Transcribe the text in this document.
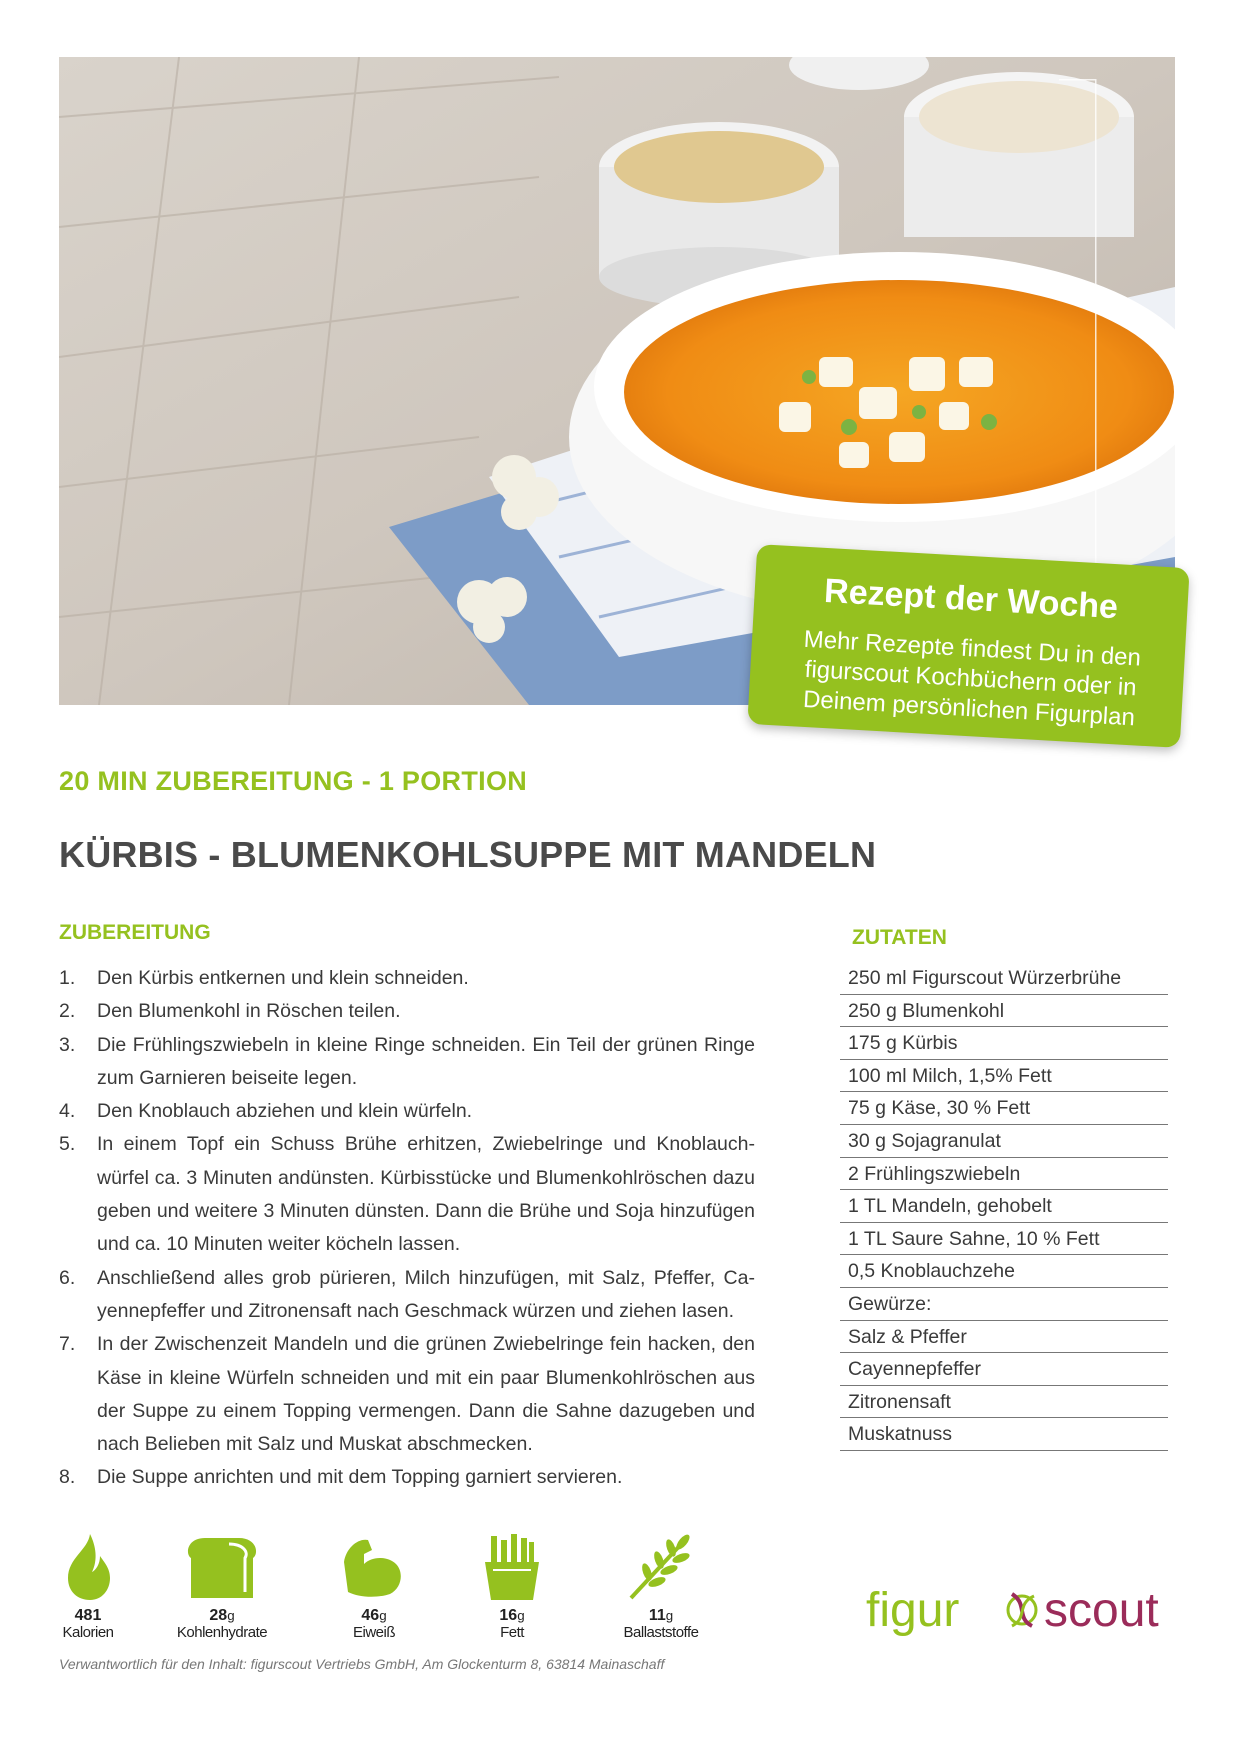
Rezept der Woche
Mehr Rezepte findest Du in den figurscout Kochbüchern oder in Deinem persönlichen Figurplan
20 MIN ZUBEREITUNG - 1 PORTION
KÜRBIS - BLUMENKOHLSUPPE MIT MANDELN
ZUBEREITUNG
1. Den Kürbis entkernen und klein schneiden.
2. Den Blumenkohl in Röschen teilen.
3. Die Frühlingszwiebeln in kleine Ringe schneiden. Ein Teil der grünen Ringe zum Garnieren beiseite legen.
4. Den Knoblauch abziehen und klein würfeln.
5. In einem Topf ein Schuss Brühe erhitzen, Zwiebelringe und Knoblauchwürfel ca. 3 Minuten andünsten. Kürbisstücke und Blumenkohlröschen dazu geben und weitere 3 Minuten dünsten. Dann die Brühe und Soja hinzufügen und ca. 10 Minuten weiter köcheln lassen.
6. Anschließend alles grob pürieren, Milch hinzufügen, mit Salz, Pfeffer, Cayennepfeffer und Zitronensaft nach Geschmack würzen und ziehen lasen.
7. In der Zwischenzeit Mandeln und die grünen Zwiebelringe fein hacken, den Käse in kleine Würfeln schneiden und mit ein paar Blumenkohlröschen aus der Suppe zu einem Topping vermengen. Dann die Sahne dazugeben und nach Belieben mit Salz und Muskat abschmecken.
8. Die Suppe anrichten und mit dem Topping garniert servieren.
ZUTATEN
250 ml Figurscout Würzerbrühe
250 g Blumenkohl
175 g Kürbis
100 ml Milch, 1,5% Fett
75 g Käse, 30 % Fett
30 g Sojagranulat
2 Frühlingszwiebeln
1 TL Mandeln, gehobelt
1 TL Saure Sahne, 10 % Fett
0,5 Knoblauchzehe
Gewürze:
Salz & Pfeffer
Cayennepfeffer
Zitronensaft
Muskatnuss
481
Kalorien
28g
Kohlenhydrate
46g
Eiweiß
16g
Fett
11g
Ballaststoffe	figur scout
Verwantwortlich für den Inhalt: figurscout Vertriebs GmbH, Am Glockenturm 8, 63814 Mainaschaff
